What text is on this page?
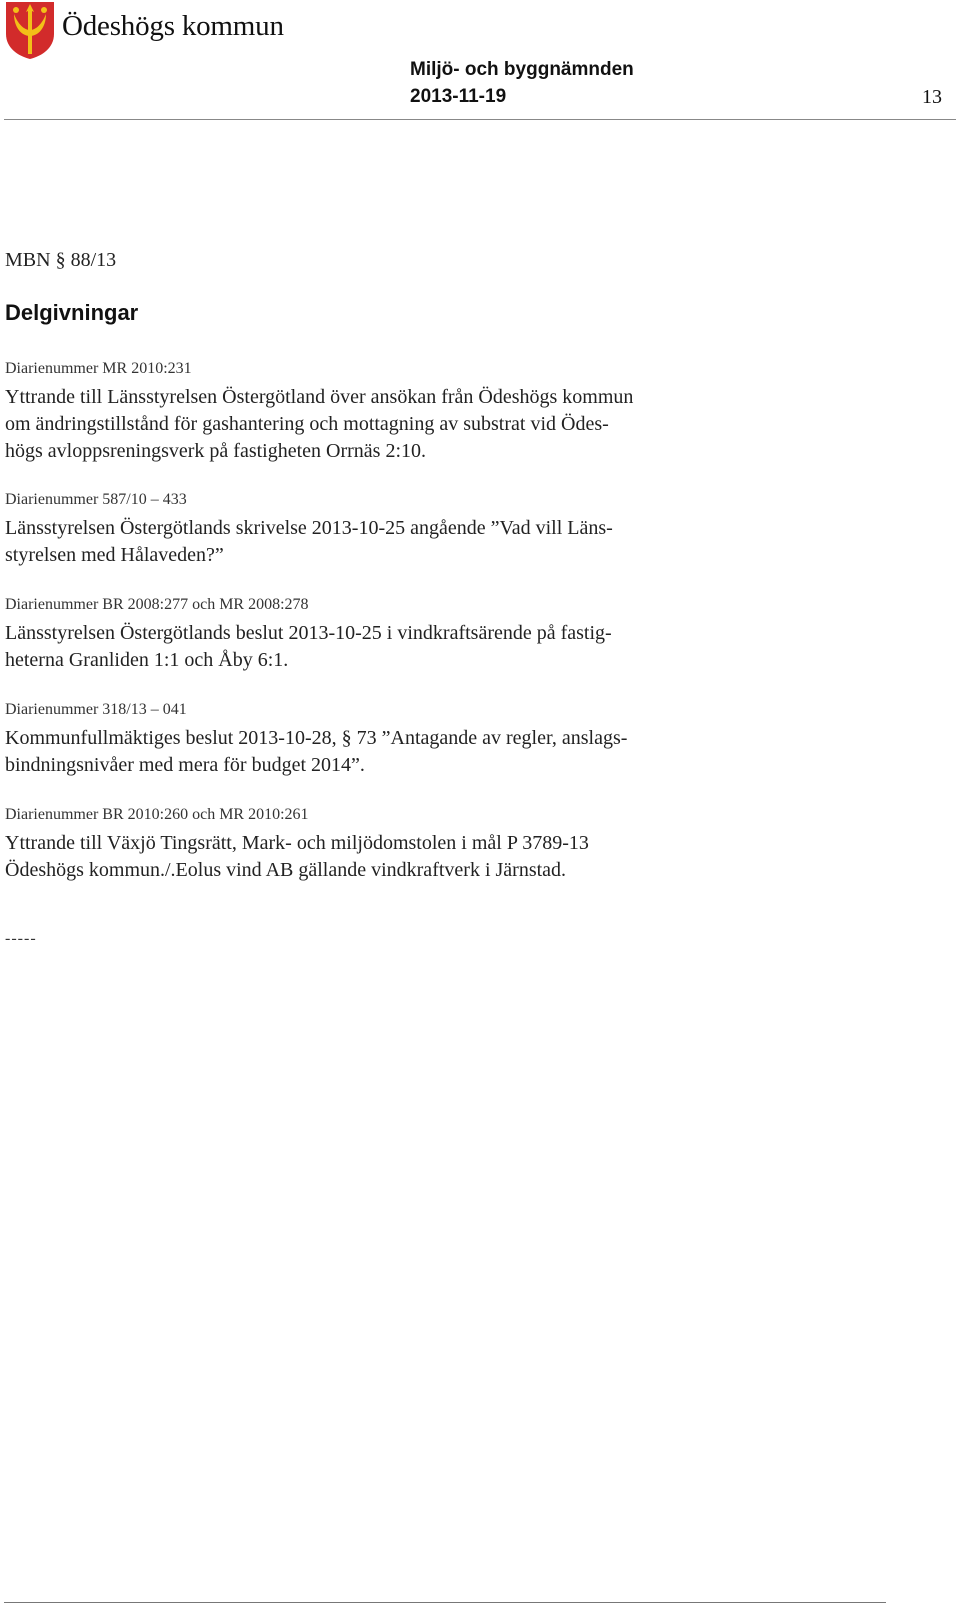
Ödeshögs kommun
Miljö- och byggnämnden
2013-11-19	13
MBN § 88/13
Delgivningar
Diarienummer MR 2010:231
Yttrande till Länsstyrelsen Östergötland över ansökan från Ödeshögs kommun
om ändringstillstånd för gashantering och mottagning av substrat vid Ödes-
högs avloppsreningsverk på fastigheten Orrnäs 2:10.
Diarienummer 587/10 – 433
Länsstyrelsen Östergötlands skrivelse 2013-10-25 angående ”Vad vill Läns-
styrelsen med Hålaveden?”
Diarienummer BR 2008:277 och MR 2008:278
Länsstyrelsen Östergötlands beslut 2013-10-25 i vindkraftsärende på fastig-
heterna Granliden 1:1 och Åby 6:1.
Diarienummer 318/13 – 041
Kommunfullmäktiges beslut 2013-10-28, § 73 ”Antagande av regler, anslags-
bindningsnivåer med mera för budget 2014”.
Diarienummer BR 2010:260 och MR 2010:261
Yttrande till Växjö Tingsrätt, Mark- och miljödomstolen i mål P 3789-13
Ödeshögs kommun./.Eolus vind AB gällande vindkraftverk i Järnstad.
-----
